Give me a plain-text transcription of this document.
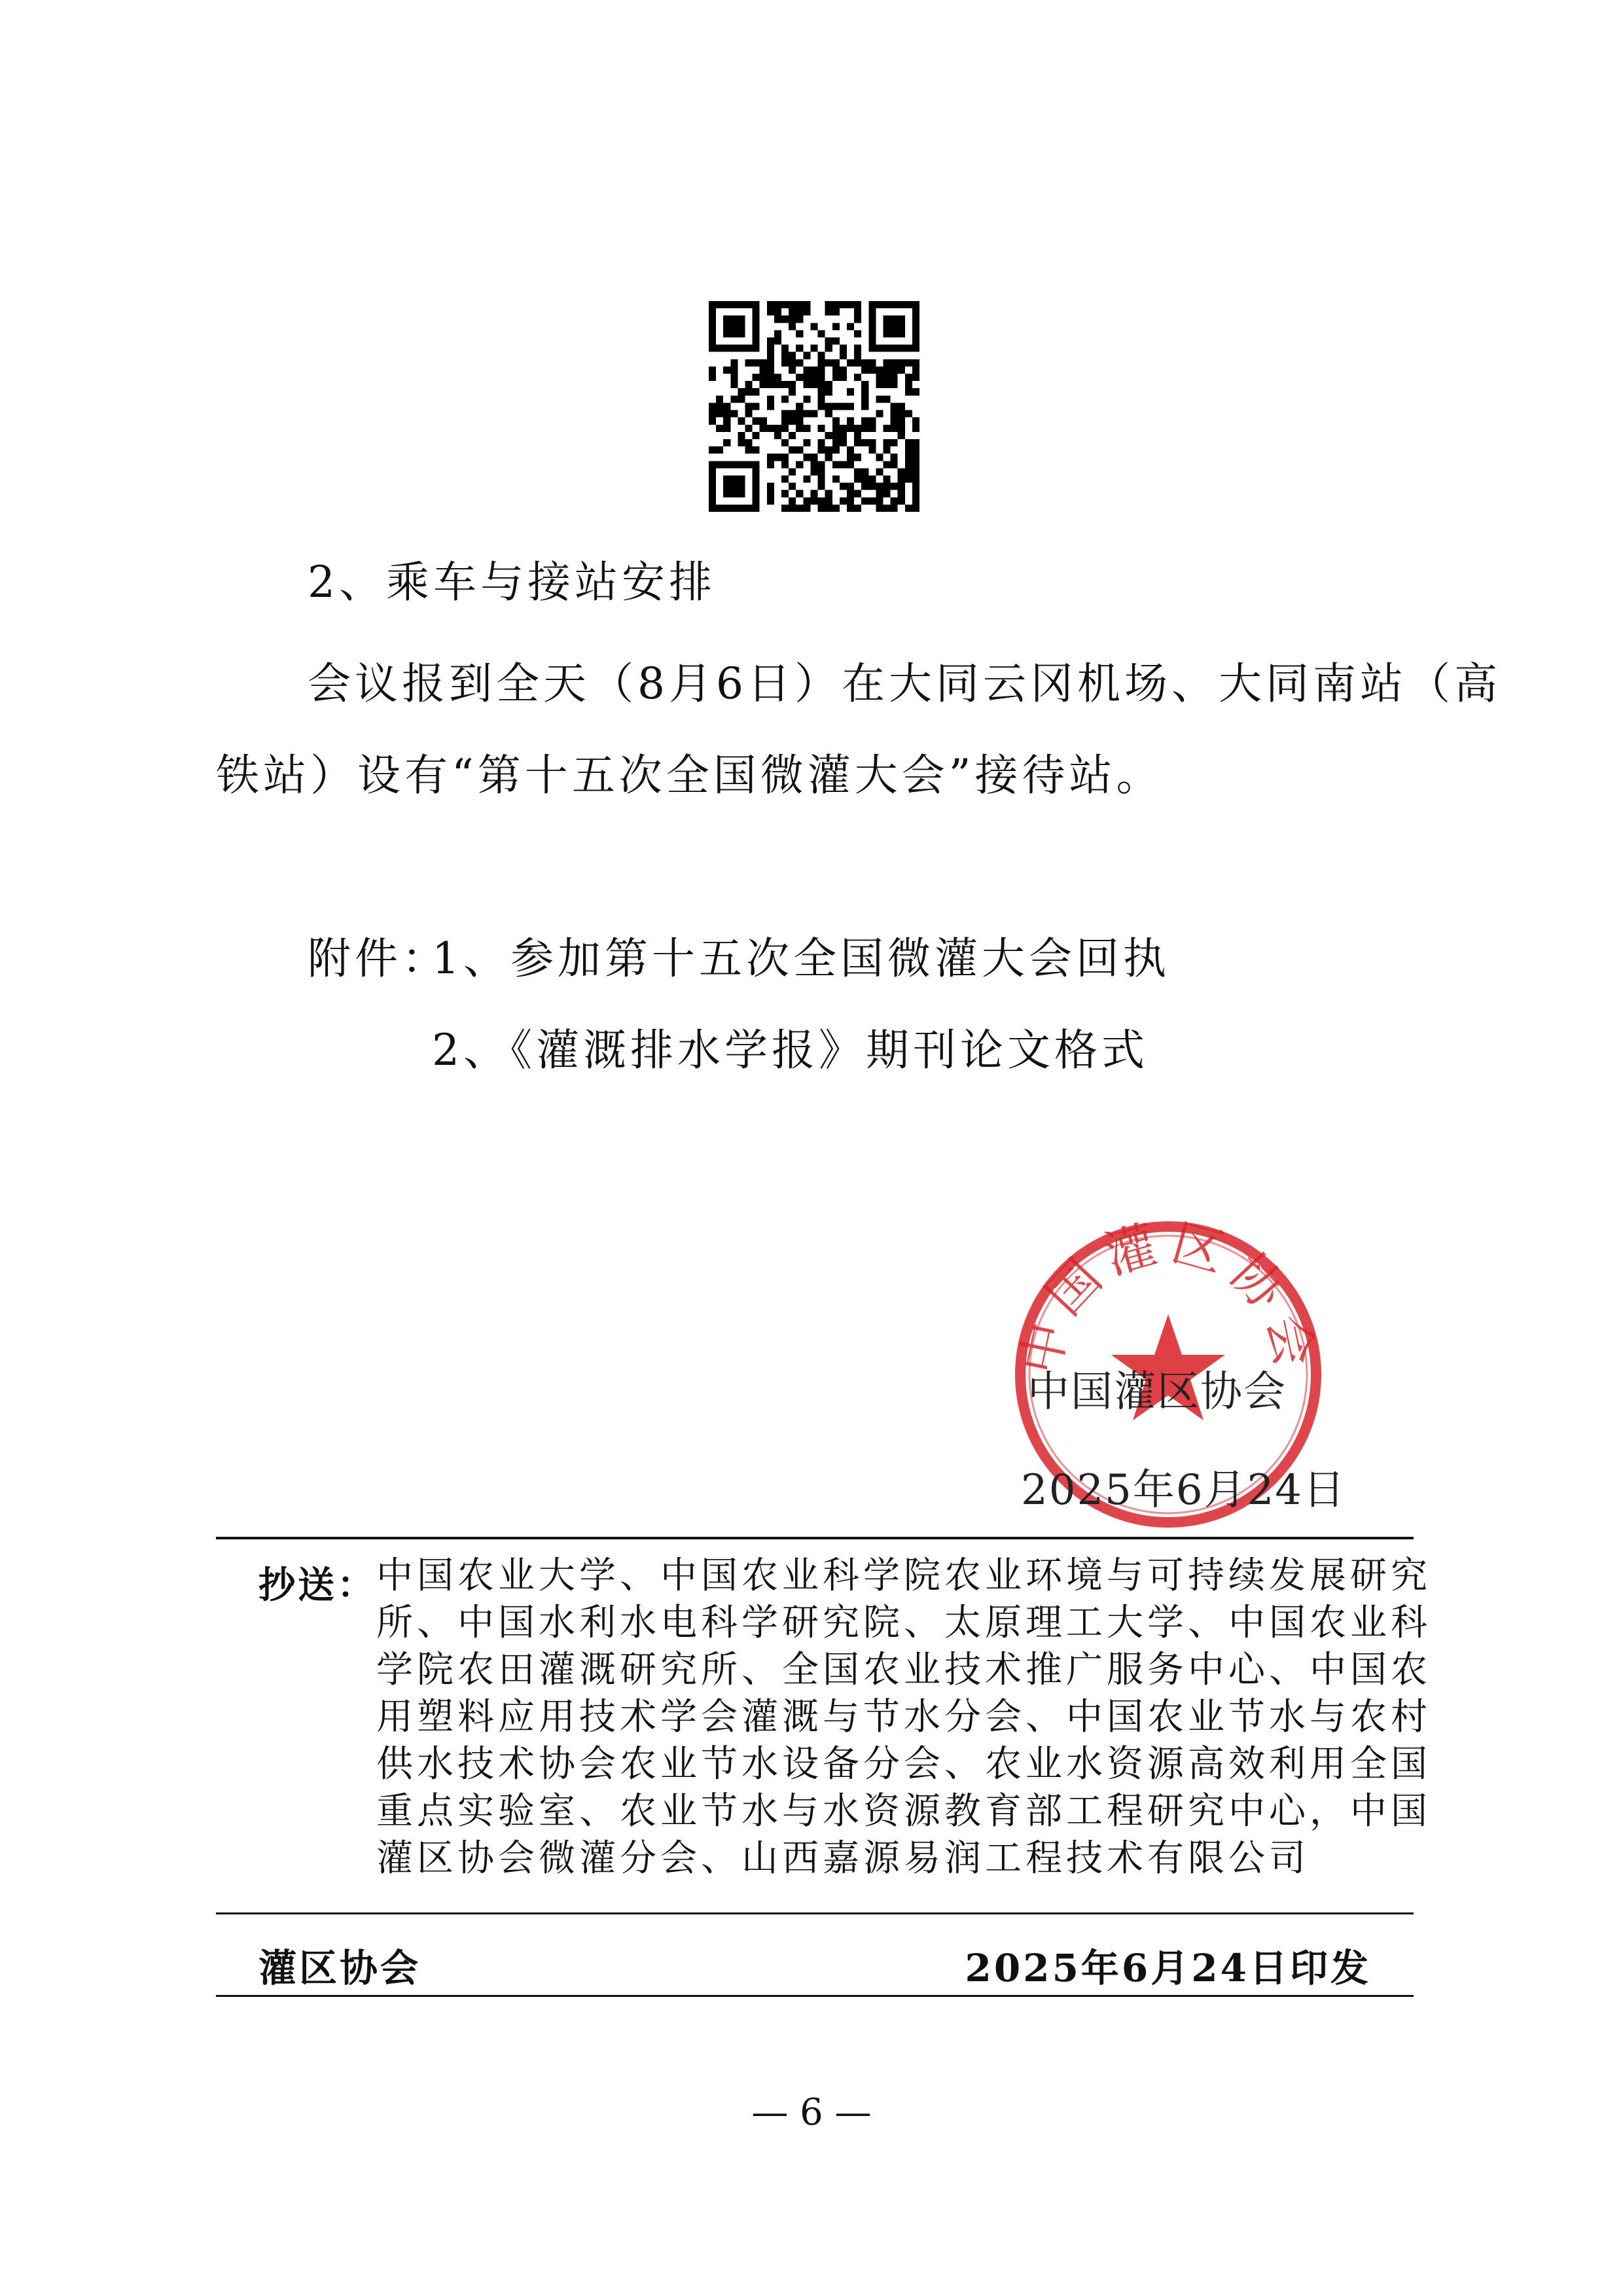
2、乘车与接站安排
会议报到全天（8月6日）在大同云冈机场、大同南站（高
铁站）设有“第十五次全国微灌大会”接待站。
附件：
1、参加第十五次全国微灌大会回执
2、《灌溉排水学报》期刊论文格式
中国灌区协会
中国灌区协会
2025年6月24日
抄送： 中国农业大学、中国农业科学院农业环境与可持续发展研究
所、中国水利水电科学研究院、太原理工大学、中国农业科
学院农田灌溉研究所、全国农业技术推广服务中心、中国农
用塑料应用技术学会灌溉与节水分会、中国农业节水与农村
供水技术协会农业节水设备分会、农业水资源高效利用全国
重点实验室、农业节水与水资源教育部工程研究中心，中国
灌区协会微灌分会、山西嘉源易润工程技术有限公司
灌区协会	2025年6月24日印发
— 6 —
